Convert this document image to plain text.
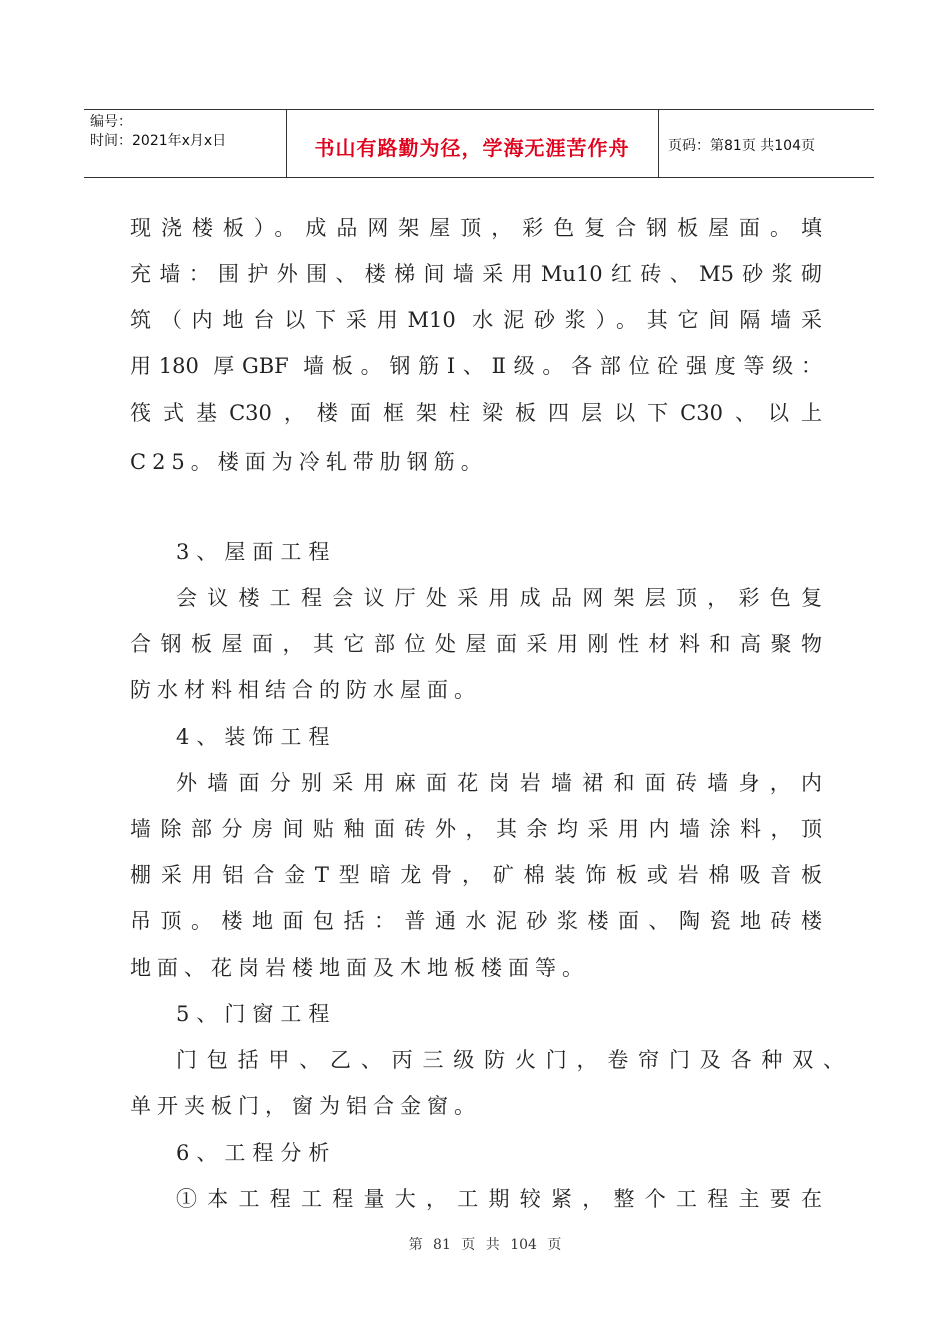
编号：
时间：2021年x月x日	书山有路勤为径，学海无涯苦作舟	页码：第81页 共104页
现浇楼板）。成品网架屋顶，彩色复合钢板屋面。填
充墙：围护外围、楼梯间墙采用Mu10红砖、M5砂浆砌
筑（内地台以下采用M10 水泥砂浆）。其它间隔墙采
用180 厚GBF 墙板。钢筋Ⅰ、Ⅱ级。各部位砼强度等级：
筏式基C30，楼面框架柱梁板四层以下C30、以上
C25。楼面为冷轧带肋钢筋。
3、屋面工程
会议楼工程会议厅处采用成品网架层顶，彩色复
合钢板屋面，其它部位处屋面采用刚性材料和高聚物
防水材料相结合的防水屋面。
4、装饰工程
外墙面分别采用麻面花岗岩墙裙和面砖墙身，内
墙除部分房间贴釉面砖外，其余均采用内墙涂料，顶
棚采用铝合金T型暗龙骨，矿棉装饰板或岩棉吸音板
吊顶。楼地面包括：普通水泥砂浆楼面、陶瓷地砖楼
地面、花岗岩楼地面及木地板楼面等。
5、门窗工程
门包括甲、乙、丙三级防火门，卷帘门及各种双、
单开夹板门，窗为铝合金窗。
6、工程分析
①本工程工程量大，工期较紧，整个工程主要在
第 81 页 共 104 页
